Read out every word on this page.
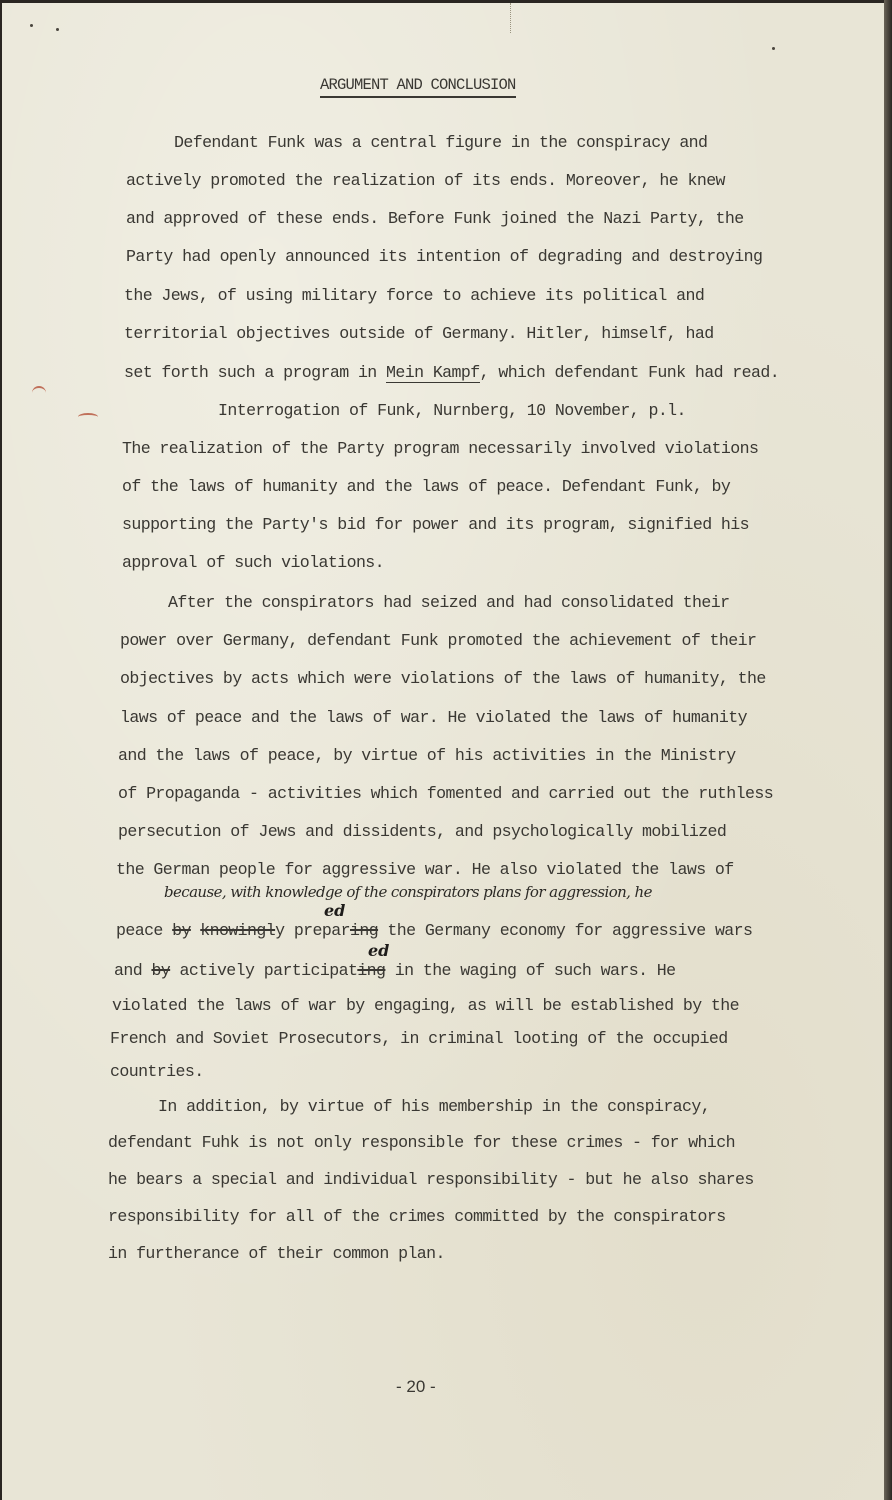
ARGUMENT AND CONCLUSION
Defendant Funk was a central figure in the conspiracy and
actively promoted the realization of its ends. Moreover, he knew
and approved of these ends. Before Funk joined the Nazi Party, the
Party had openly announced its intention of degrading and destroying
the Jews, of using military force to achieve its political and
territorial objectives outside of Germany. Hitler, himself, had
set forth such a program in Mein Kampf, which defendant Funk had read.
Interrogation of Funk, Nurnberg, 10 November, p.l.
The realization of the Party program necessarily involved violations
of the laws of humanity and the laws of peace. Defendant Funk, by
supporting the Party's bid for power and its program, signified his
approval of such violations.
After the conspirators had seized and had consolidated their
power over Germany, defendant Funk promoted the achievement of their
objectives by acts which were violations of the laws of humanity, the
laws of peace and the laws of war. He violated the laws of humanity
and the laws of peace, by virtue of his activities in the Ministry
of Propaganda - activities which fomented and carried out the ruthless
persecution of Jews and dissidents, and psychologically mobilized
the German people for aggressive war. He also violated the laws of
because, with knowledge of the conspirators plans for aggression, he
ed
peace by knowingly preparing the Germany economy for aggressive wars
ed
and by actively participating in the waging of such wars. He
violated the laws of war by engaging, as will be established by the
French and Soviet Prosecutors, in criminal looting of the occupied
countries.
In addition, by virtue of his membership in the conspiracy,
defendant Fuhk is not only responsible for these crimes - for which
he bears a special and individual responsibility - but he also shares
responsibility for all of the crimes committed by the conspirators
in furtherance of their common plan.
- 20 -
